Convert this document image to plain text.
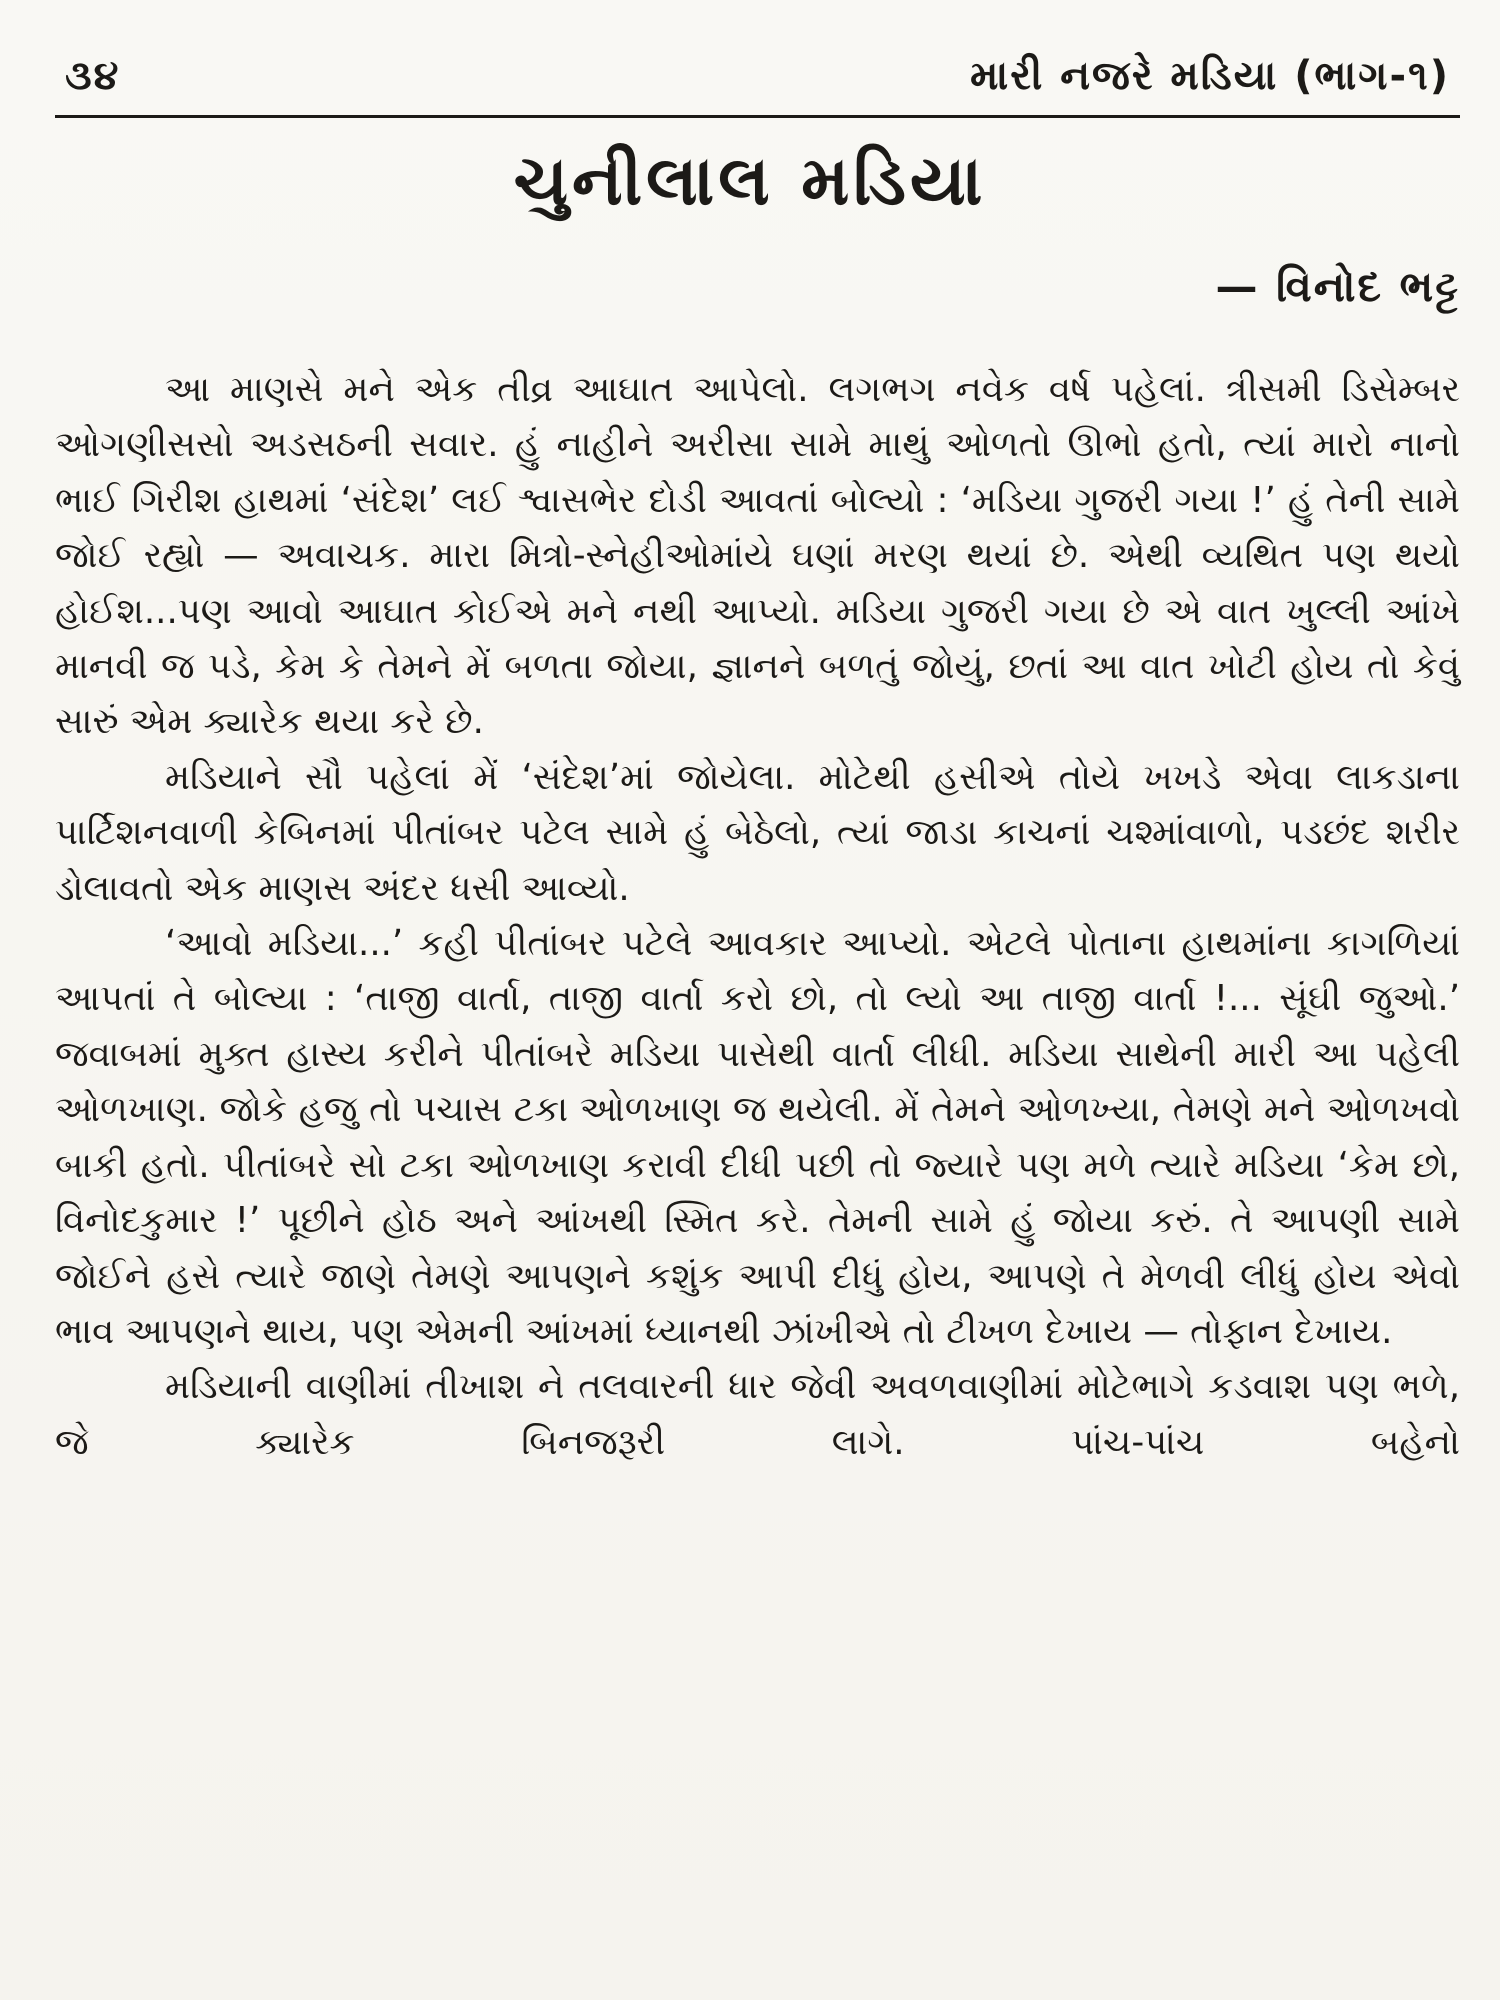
૩૪	મારી નજરે મડિયા (ભાગ-૧)
ચુનીલાલ મડિયા
— વિનોદ ભટ્ટ

આ માણસે મને એક તીવ્ર આઘાત આપેલો. લગભગ નવેક વર્ષ પહેલાં. ત્રીસમી ડિસેમ્બર ઓગણીસસો અડસઠની સવાર. હું નાહીને અરીસા સામે માથું ઓળતો ઊભો હતો, ત્યાં મારો નાનો ભાઈ ગિરીશ હાથમાં ‘સંદેશ’ લઈ શ્વાસભેર દોડી આવતાં બોલ્યો : ‘મડિયા ગુજરી ગયા !’ હું તેની સામે જોઈ રહ્યો — અવાચક. મારા મિત્રો-સ્નેહીઓમાંયે ઘણાં મરણ થયાં છે. એથી વ્યથિત પણ થયો હોઈશ...પણ આવો આઘાત કોઈએ મને નથી આપ્યો. મડિયા ગુજરી ગયા છે એ વાત ખુલ્લી આંખે માનવી જ પડે, કેમ કે તેમને મેં બળતા જોયા, જ્ઞાનને બળતું જોયું, છતાં આ વાત ખોટી હોય તો કેવું સારું એમ ક્યારેક થયા કરે છે.

મડિયાને સૌ પહેલાં મેં ‘સંદેશ’માં જોયેલા. મોટેથી હસીએ તોયે ખખડે એવા લાકડાના પાર્ટિશનવાળી કેબિનમાં પીતાંબર પટેલ સામે હું બેઠેલો, ત્યાં જાડા કાચનાં ચશ્માંવાળો, પડછંદ શરીર ડોલાવતો એક માણસ અંદર ધસી આવ્યો.

‘આવો મડિયા...’ કહી પીતાંબર પટેલે આવકાર આપ્યો. એટલે પોતાના હાથમાંના કાગળિયાં આપતાં તે બોલ્યા : ‘તાજી વાર્તા, તાજી વાર્તા કરો છો, તો લ્યો આ તાજી વાર્તા !... સૂંઘી જુઓ.’ જવાબમાં મુક્ત હાસ્ય કરીને પીતાંબરે મડિયા પાસેથી વાર્તા લીધી. મડિયા સાથેની મારી આ પહેલી ઓળખાણ. જોકે હજુ તો પચાસ ટકા ઓળખાણ જ થયેલી. મેં તેમને ઓળખ્યા, તેમણે મને ઓળખવો બાકી હતો. પીતાંબરે સો ટકા ઓળખાણ કરાવી દીધી પછી તો જ્યારે પણ મળે ત્યારે મડિયા ‘કેમ છો, વિનોદકુમાર !’ પૂછીને હોઠ અને આંખથી સ્મિત કરે. તેમની સામે હું જોયા કરું. તે આપણી સામે જોઈને હસે ત્યારે જાણે તેમણે આપણને કશુંક આપી દીધું હોય, આપણે તે મેળવી લીધું હોય એવો ભાવ આપણને થાય, પણ એમની આંખમાં ધ્યાનથી ઝાંખીએ તો ટીખળ દેખાય — તોફાન દેખાય.

મડિયાની વાણીમાં તીખાશ ને તલવારની ધાર જેવી અવળવાણીમાં મોટેભાગે કડવાશ પણ ભળે, જે ક્યારેક બિનજરૂરી લાગે. પાંચ-પાંચ બહેનો
